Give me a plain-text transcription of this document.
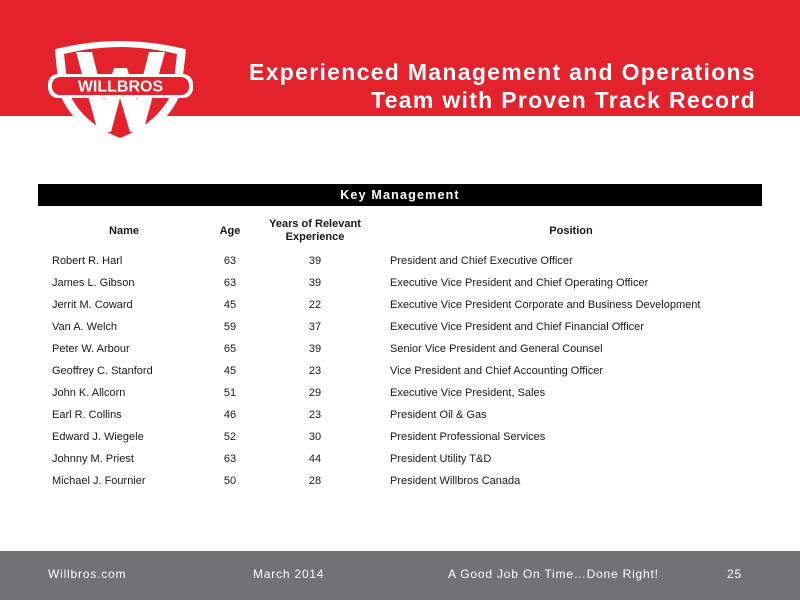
WILLBROS
Experienced Management and Operations
Team with Proven Track Record
Key Management
Name	Age	Years of Relevant Experience	Position
Robert R. Harl	63	39	President and Chief Executive Officer
James L. Gibson	63	39	Executive Vice President and Chief Operating Officer
Jerrit M. Coward	45	22	Executive Vice President Corporate and Business Development
Van A. Welch	59	37	Executive Vice President and Chief Financial Officer
Peter W. Arbour	65	39	Senior Vice President and General Counsel
Geoffrey C. Stanford	45	23	Vice President and Chief Accounting Officer
John K. Allcorn	51	29	Executive Vice President, Sales
Earl R. Collins	46	23	President Oil & Gas
Edward J. Wiegele	52	30	President Professional Services
Johnny M. Priest	63	44	President Utility T&D
Michael J. Fournier	50	28	President Willbros Canada
Willbros.com	March 2014	A Good Job On Time…Done Right!	25
